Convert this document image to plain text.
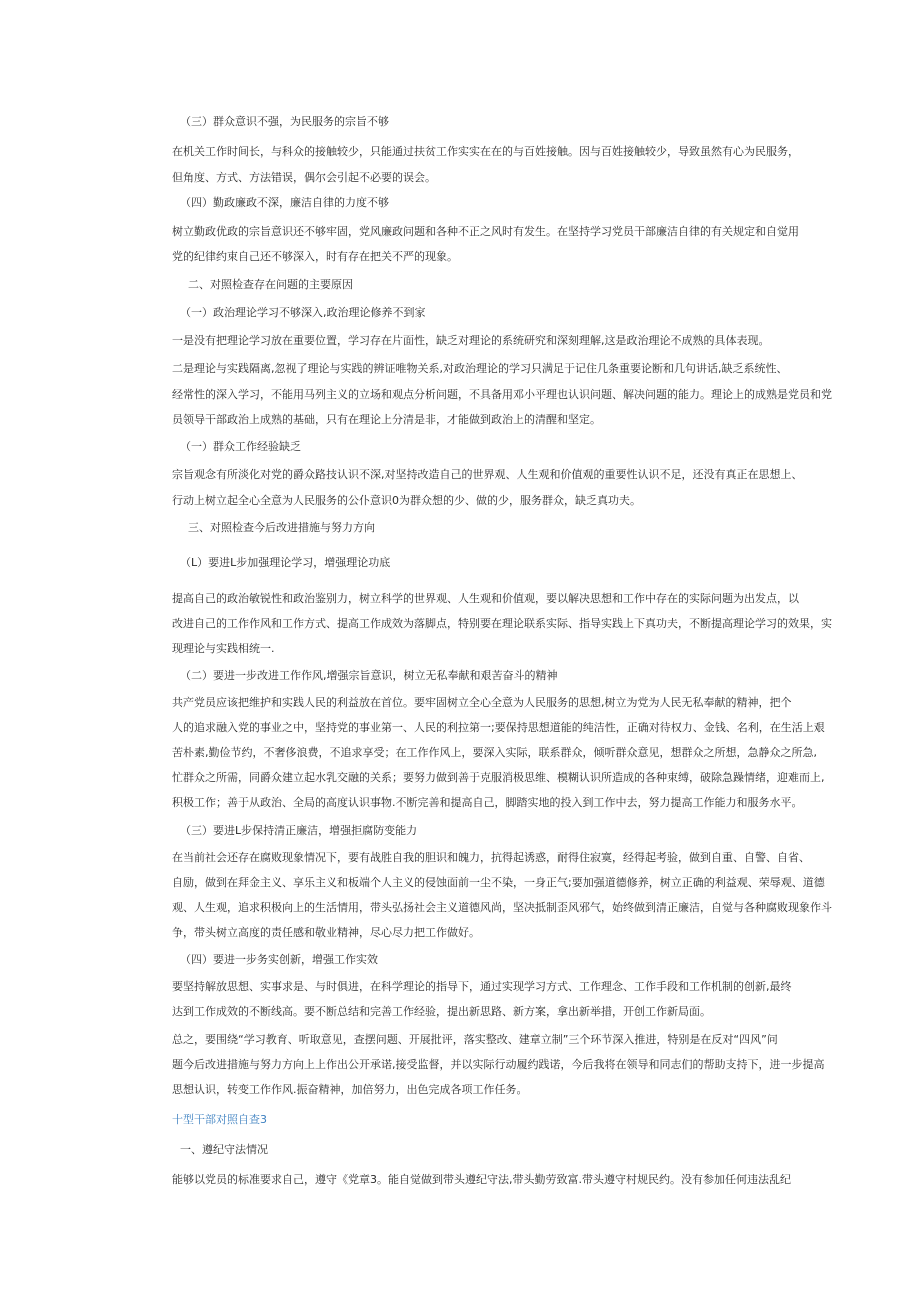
（三）群众意识不强，为民服务的宗旨不够
在机关工作时间长，与科众的接触较少，只能通过扶贫工作实实在在的与百姓接触。因与百姓接触较少，导致虽然有心为民服务，
但角度、方式、方法错误，偶尔会引起不必要的误会。
（四）勤政廉政不深，廉洁自律的力度不够
树立勤政优政的宗旨意识还不够牢固，党风廉政问题和各种不正之风时有发生。在坚持学习党员干部廉洁自律的有关规定和自觉用
党的纪律约束自己还不够深入，时有存在把关不严的现象。
二、对照检查存在问题的主要原因
（一）政治理论学习不够深入,政治理论修养不到家
一是没有把理论学习放在重要位置，学习存在片面性，缺乏对理论的系统研究和深刻理解,这是政治理论不成熟的具体表现。
二是理论与实践隔离,忽视了理论与实践的辨证唯物关系,对政治理论的学习只满足于记住几条重要论断和几句讲话,缺乏系统性、
经常性的深入学习，不能用马列主义的立场和观点分析问题，不具备用邓小平理也认识问题、解决问题的能力。理论上的成熟是党员和党
员领导干部政治上成熟的基础，只有在理论上分清是非，才能做到政治上的清醒和坚定。
（一）群众工作经验缺乏
宗旨观念有所淡化对党的爵众路技认识不深,对坚持改造自己的世界观、人生观和价值观的重要性认识不足，还没有真正在思想上、
行动上树立起全心全意为人民服务的公仆意识0为群众想的少、做的少，服务群众，缺乏真功夫。
三、对照检查今后改进措施与努力方向
（L）要进L步加强理论学习，增强理论功底
提高自己的政治敏锐性和政治鉴别力，树立科学的世界观、人生观和价值观，要以解决思想和工作中存在的实际问题为出发点，以
改进自己的工作作风和工作方式、提高工作成效为落脚点，特别要在理论联系实际、指导实践上下真功夫，不断提高理论学习的效果，实
现理论与实践相统一.
（二）要进一步改进工作作风,增强宗旨意识，树立无私奉献和艰苦奋斗的精神
共产党员应该把维护和实践人民的利益放在首位。要牢固树立全心全意为人民服务的思想,树立为党为人民无私奉献的精神，把个
人的追求融入党的事业之中，坚持党的事业第一、人民的利拉第一;要保持思想道能的纯洁性，正确对待权力、金钱、名利，在生活上艰
苦朴素,勤俭节约，不奢侈浪费，不追求享受；在工作作风上，要深入实际，联系群众，倾听群众意见，想群众之所想，急静众之所急,
忙群众之所需，同爵众建立起水乳交融的关系；要努力做到善于克服消极思维、模糊认识所造成的各种束缚，破除急躁情绪，迎难而上,
积极工作；善于从政治、全局的高度认识事物.不断完善和提高自己，脚踏实地的投入到工作中去，努力提高工作能力和服务水平。
（三）要进L步保持清正廉洁，增强拒腐防变能力
在当前社会还存在腐败现象情况下，要有战胜自我的胆识和魄力，抗得起诱惑，耐得住寂寞，经得起考验，做到自重、自警、自省、
自励，做到在拜金主义、享乐主义和板端个人主义的侵蚀面前一尘不染，一身正气;要加强道德修养，树立正确的利益观、荣辱观、道德
观、人生观，追求积极向上的生活情用，带头弘扬社会主义道德风尚，坚决抵制歪风邪气，始终做到清正廉洁，自觉与各种腐败现象作斗
争，带头树立高度的责任感和敬业精神，尽心尽力把工作做好。
（四）要进一步务实创新，增强工作实效
要坚持解放思想、实事求是、与时俱进，在科学理论的指导下，通过实现学习方式、工作理念、工作手段和工作机制的创新,最终
达到工作成效的不断线高。要不断总结和完善工作经验，提出新思路、新方案，拿出新举措，开创工作新局面。
总之，要围绕“学习教育、听取意见，查摆问题、开展批评，落实整改、建章立制”三个环节深入推进，特别是在反对“四风”问
题今后改进措施与努力方向上上作出公开承诺,接受监督，并以实际行动履约践诺，今后我将在领导和同志们的帮助支持下，进一步提高
思想认识，转变工作作风.振奋精神，加倍努力，出色完成各项工作任务。
十型干部对照自查3
一、遵纪守法情况
能够以党员的标准要求自己，遵守《党章3。能自觉做到带头遵纪守法,带头勤劳致富.带头遵守村规民约。没有参加任何违法乱纪
